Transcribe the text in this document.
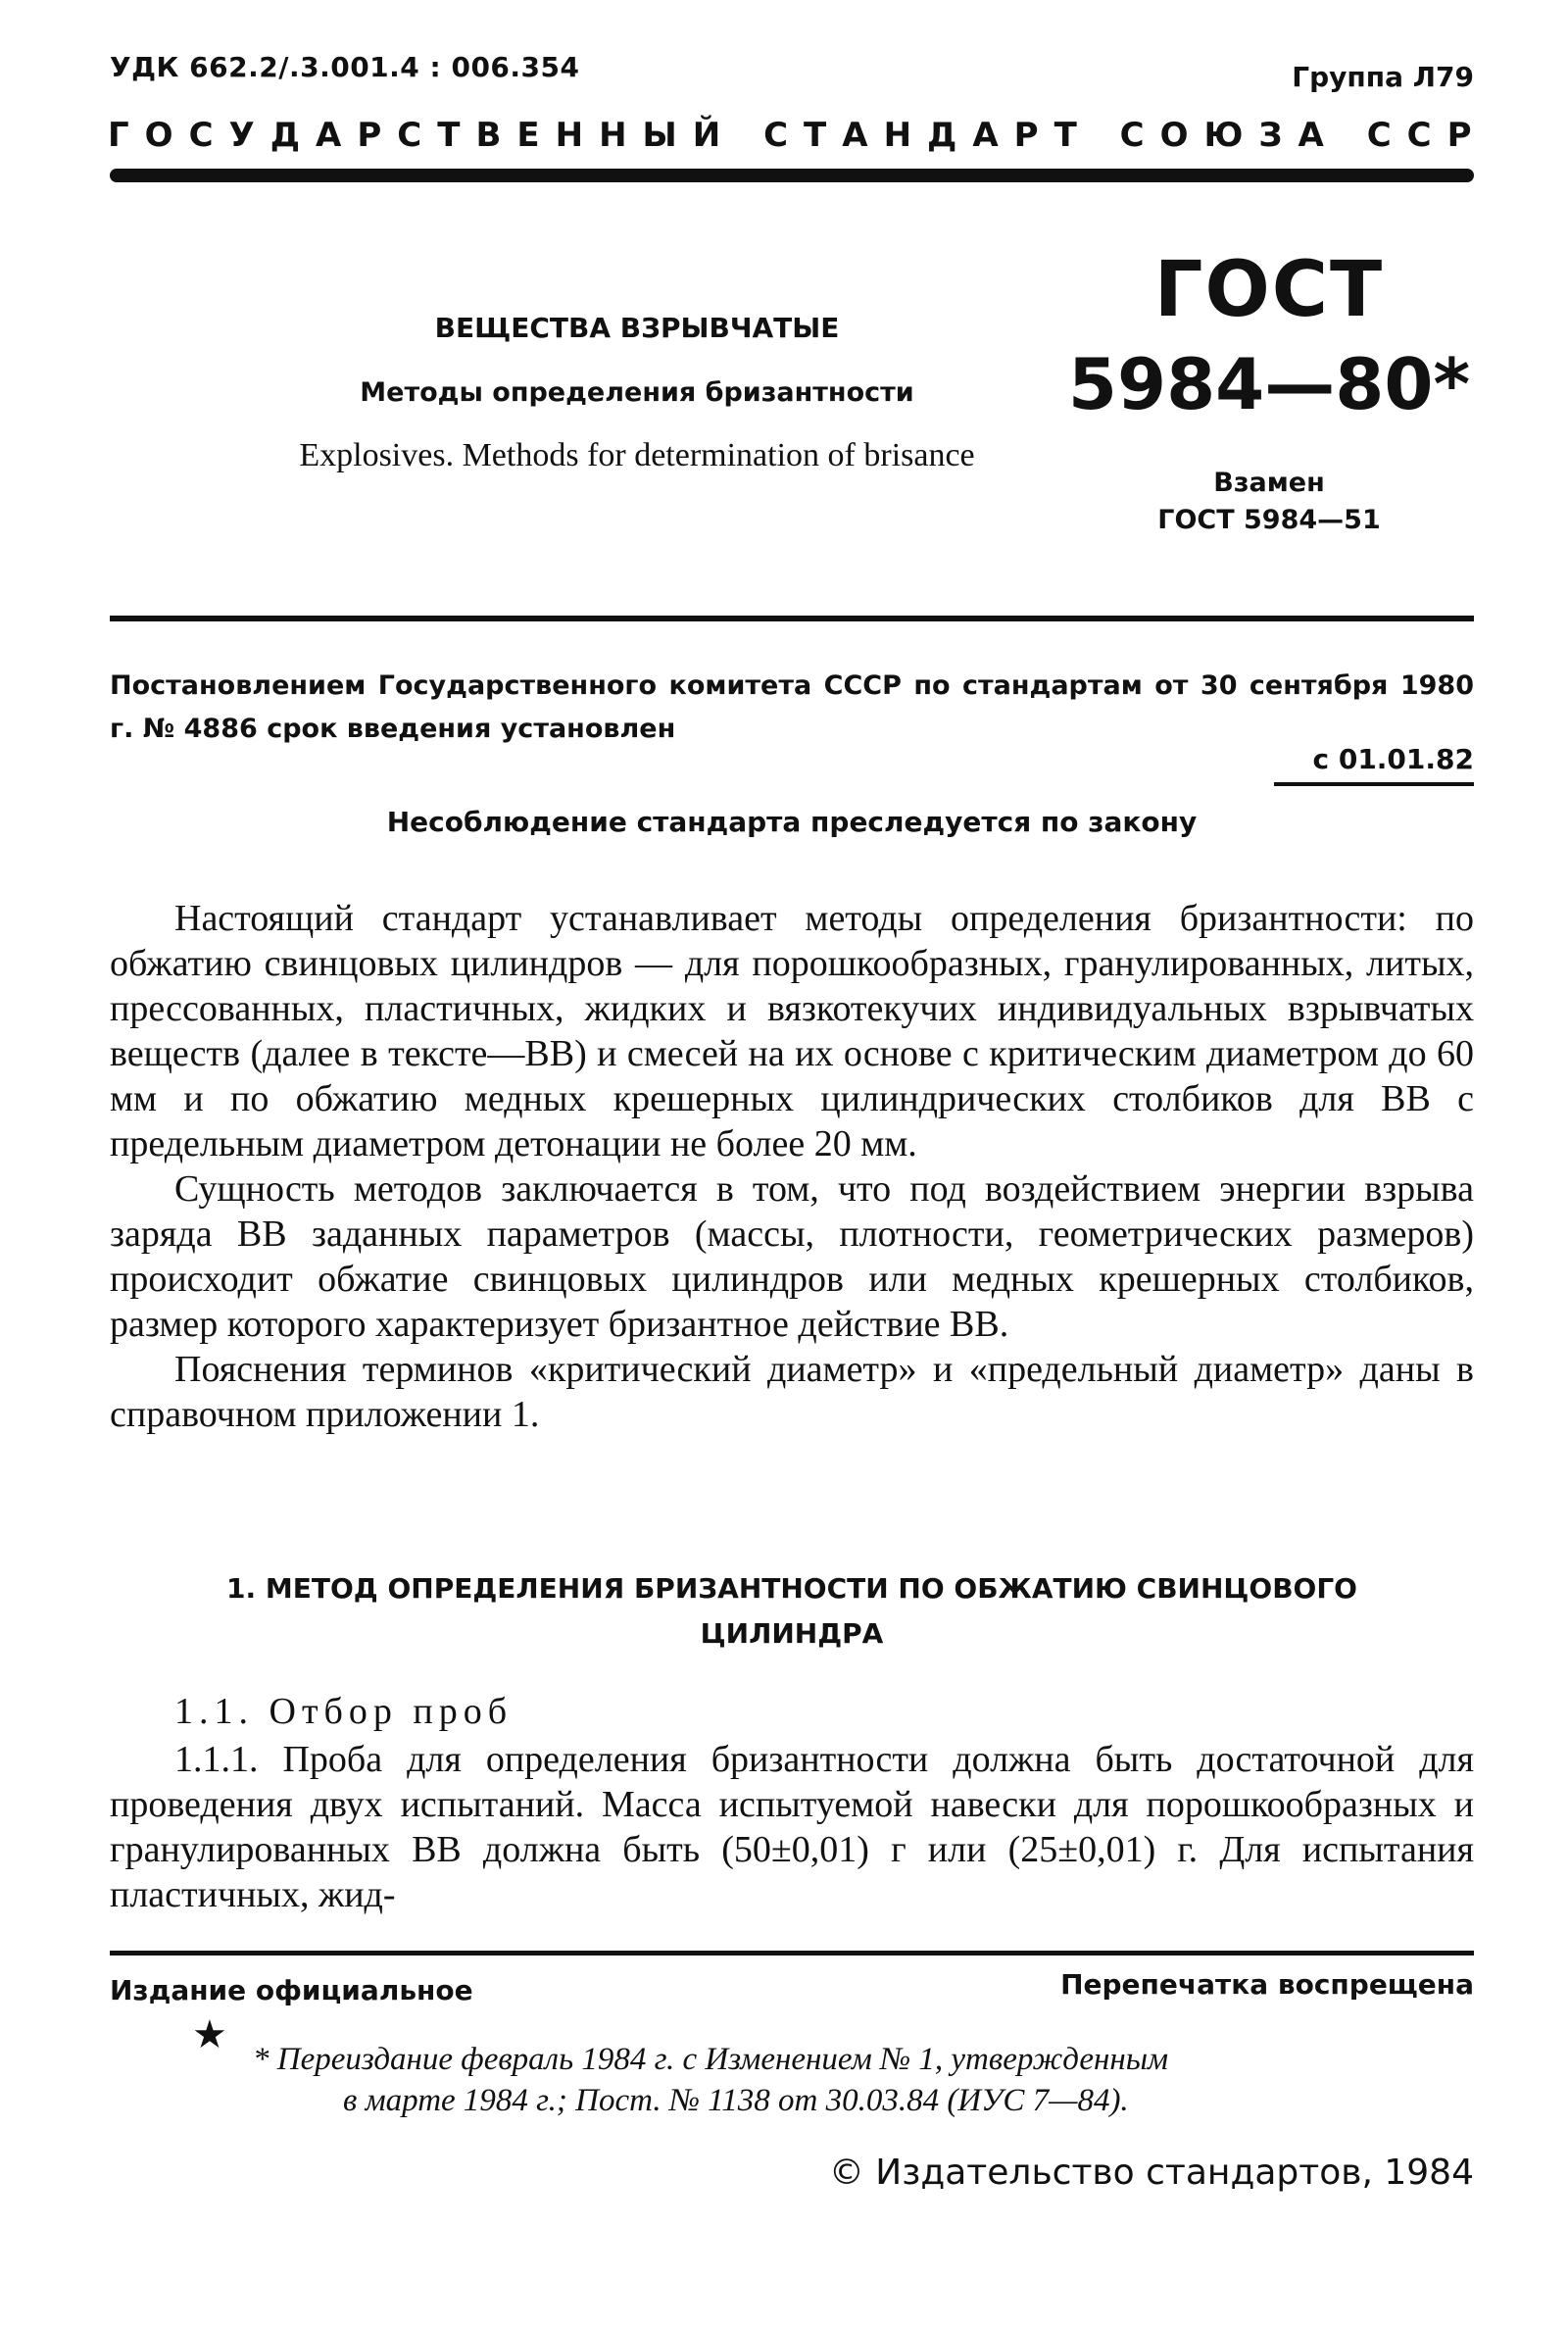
УДК 662.2/.3.001.4 : 006.354	Группа Л79
Г О С У Д А Р С Т В Е Н Н Ы Й
С Т А Н Д А Р Т
С О Ю З А
С С Р
ВЕЩЕСТВА ВЗРЫВЧАТЫЕ
Методы определения бризантности
Explosives. Methods for determination of brisance
ГОСТ
5984—80*
Взамен
ГОСТ 5984—51
Постановлением Государственного комитета СССР по стандартам от 30 сентября 1980 г. № 4886 срок введения установлен
с 01.01.82
Несоблюдение стандарта преследуется по закону

Настоящий стандарт устанавливает методы определения бризантности: по обжатию свинцовых цилиндров — для порошкообразных, гранулированных, литых, прессованных, пластичных, жидких и вязкотекучих индивидуальных взрывчатых веществ (далее в тексте—ВВ) и смесей на их основе с критическим диаметром до 60 мм и по обжатию медных крешерных цилиндрических столбиков для ВВ с предельным диаметром детонации не более 20 мм.

Сущность методов заключается в том, что под воздействием энергии взрыва заряда ВВ заданных параметров (массы, плотности, геометрических размеров) происходит обжатие свинцовых цилиндров или медных крешерных столбиков, размер которого характеризует бризантное действие ВВ.

Пояснения терминов «критический диаметр» и «предельный диаметр» даны в справочном приложении 1.

1. МЕТОД ОПРЕДЕЛЕНИЯ БРИЗАНТНОСТИ ПО ОБЖАТИЮ СВИНЦОВОГО
ЦИЛИНДРА
1.1. Отбор проб

1.1.1. Проба для определения бризантности должна быть достаточной для проведения двух испытаний. Масса испытуемой навески для порошкообразных и гранулированных ВВ должна быть (50±0,01) г или (25±0,01) г. Для испытания пластичных, жид-

Издание официальное	Перепечатка воспрещена
★
* Переиздание февраль 1984 г. с Изменением № 1, утвержденным
в марте 1984 г.; Пост. № 1138 от 30.03.84 (ИУС 7—84).
© Издательство стандартов, 1984
